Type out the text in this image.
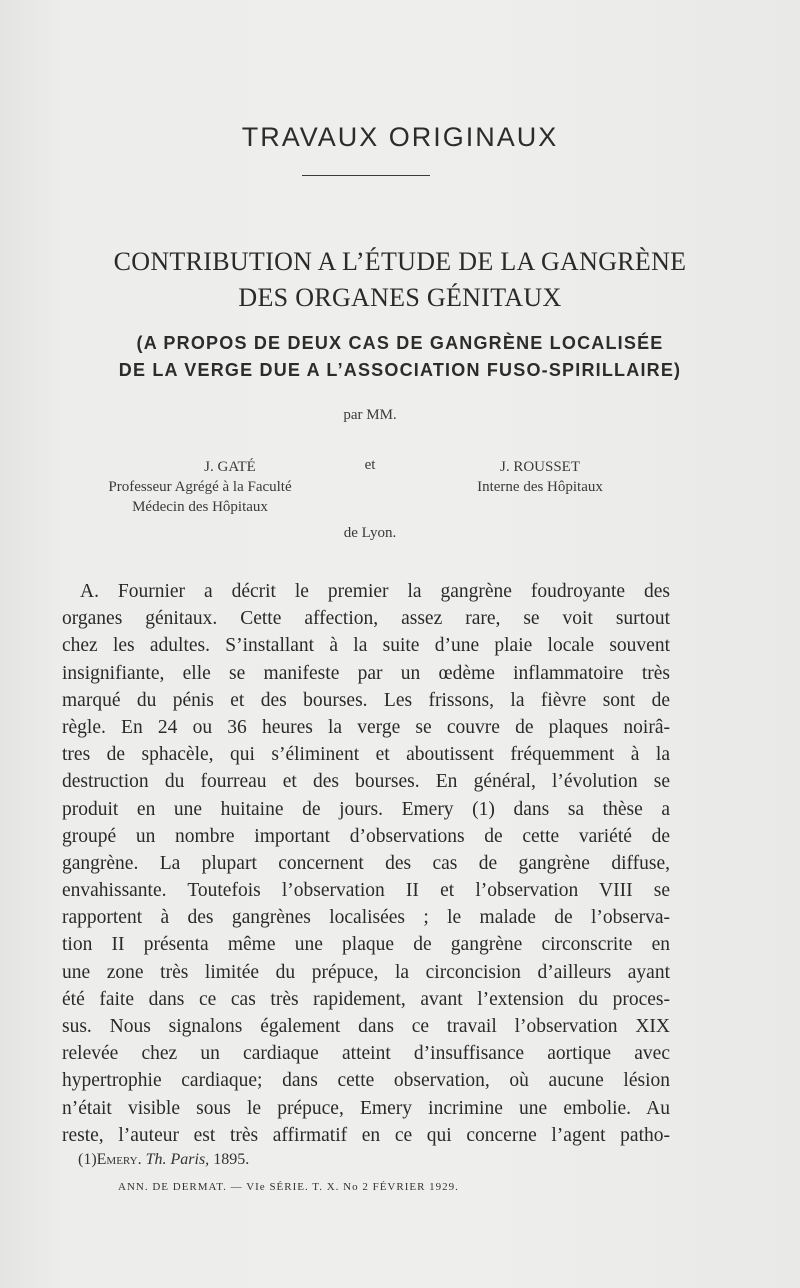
TRAVAUX ORIGINAUX
CONTRIBUTION A L’ÉTUDE DE LA GANGRÈNE
DES ORGANES GÉNITAUX
(A PROPOS DE DEUX CAS DE GANGRÈNE LOCALISÉE
DE LA VERGE DUE A L’ASSOCIATION FUSO-SPIRILLAIRE)
par MM.
J. GATÉ
Professeur Agrégé à la Faculté
Médecin des Hôpitaux
et	J. ROUSSET
Interne des Hôpitaux
de Lyon.
A. Fournier a décrit le premier la gangrène foudroyante des
organes génitaux. Cette affection, assez rare, se voit surtout
chez les adultes. S’installant à la suite d’une plaie locale souvent
insignifiante, elle se manifeste par un œdème inflammatoire très
marqué du pénis et des bourses. Les frissons, la fièvre sont de
règle. En 24 ou 36 heures la verge se couvre de plaques noirâ-
tres de sphacèle, qui s’éliminent et aboutissent fréquemment à la
destruction du fourreau et des bourses. En général, l’évolution se
produit en une huitaine de jours. Emery (1) dans sa thèse a
groupé un nombre important d’observations de cette variété de
gangrène. La plupart concernent des cas de gangrène diffuse,
envahissante. Toutefois l’observation II et l’observation VIII se
rapportent à des gangrènes localisées ; le malade de l’observa-
tion II présenta même une plaque de gangrène circonscrite en
une zone très limitée du prépuce, la circoncision d’ailleurs ayant
été faite dans ce cas très rapidement, avant l’extension du proces-
sus. Nous signalons également dans ce travail l’observation XIX
relevée chez un cardiaque atteint d’insuffisance aortique avec
hypertrophie cardiaque; dans cette observation, où aucune lésion
n’était visible sous le prépuce, Emery incrimine une embolie. Au
reste, l’auteur est très affirmatif en ce qui concerne l’agent patho-
(1)Emery. Th. Paris, 1895.
ANN. DE DERMAT. — VIe SÉRIE. T. X. No 2 FÉVRIER 1929.
